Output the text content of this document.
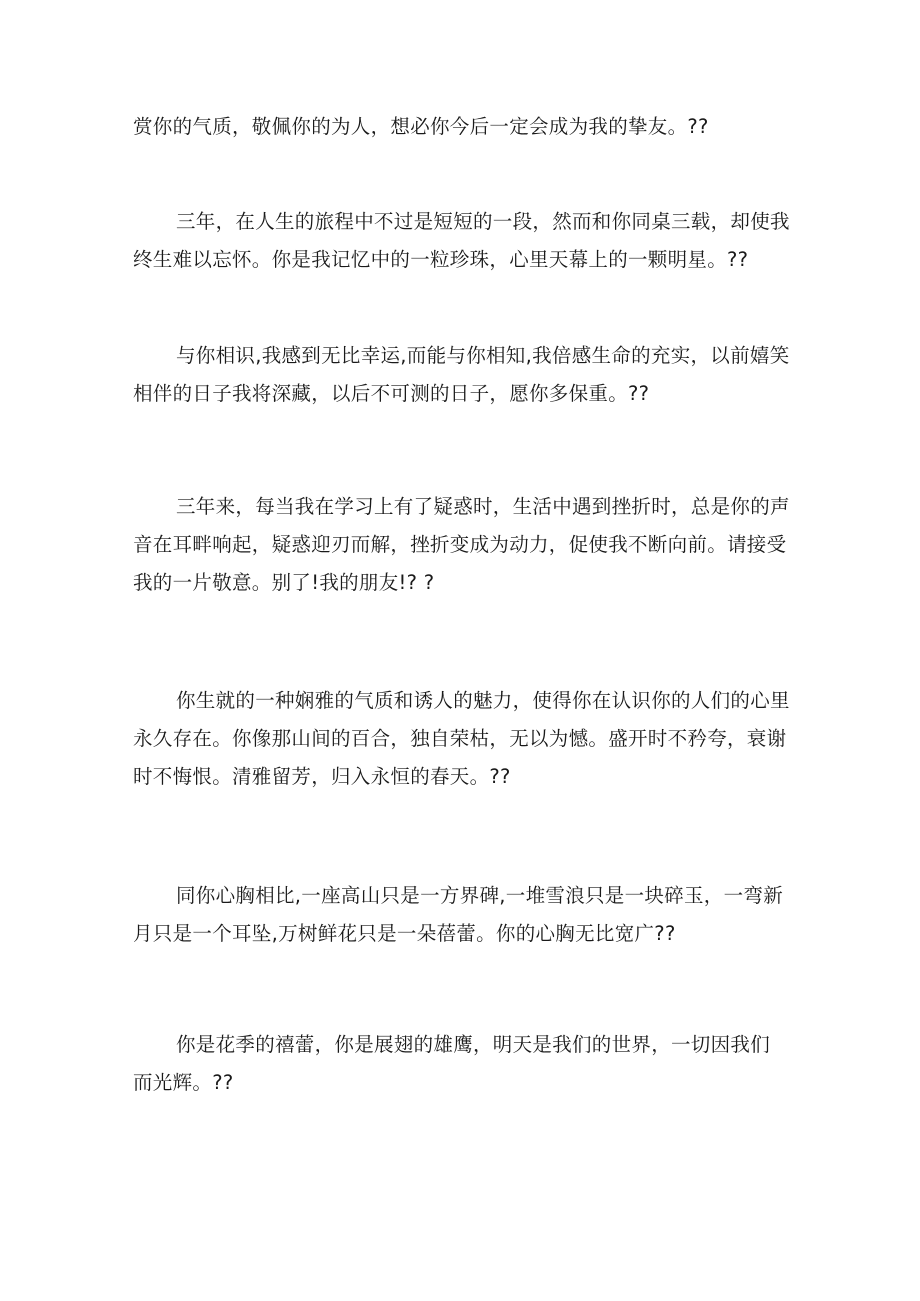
赏你的气质，敬佩你的为人，想必你今后一定会成为我的挚友。??
三年，在人生的旅程中不过是短短的一段，然而和你同桌三载，却使我
终生难以忘怀。你是我记忆中的一粒珍珠，心里天幕上的一颗明星。??
与你相识,我感到无比幸运,而能与你相知,我倍感生命的充实，以前嬉笑
相伴的日子我将深藏，以后不可测的日子，愿你多保重。??
三年来，每当我在学习上有了疑惑时，生活中遇到挫折时，总是你的声
音在耳畔响起，疑惑迎刃而解，挫折变成为动力，促使我不断向前。请接受
我的一片敬意。别了!我的朋友!? ?
你生就的一种娴雅的气质和诱人的魅力，使得你在认识你的人们的心里
永久存在。你像那山间的百合，独自荣枯，无以为憾。盛开时不矜夸，衰谢
时不悔恨。清雅留芳，归入永恒的春天。??
同你心胸相比,一座高山只是一方界碑,一堆雪浪只是一块碎玉，一弯新
月只是一个耳坠,万树鲜花只是一朵蓓蕾。你的心胸无比宽广??
你是花季的禧蕾，你是展翅的雄鹰，明天是我们的世界，一切因我们
而光辉。??
